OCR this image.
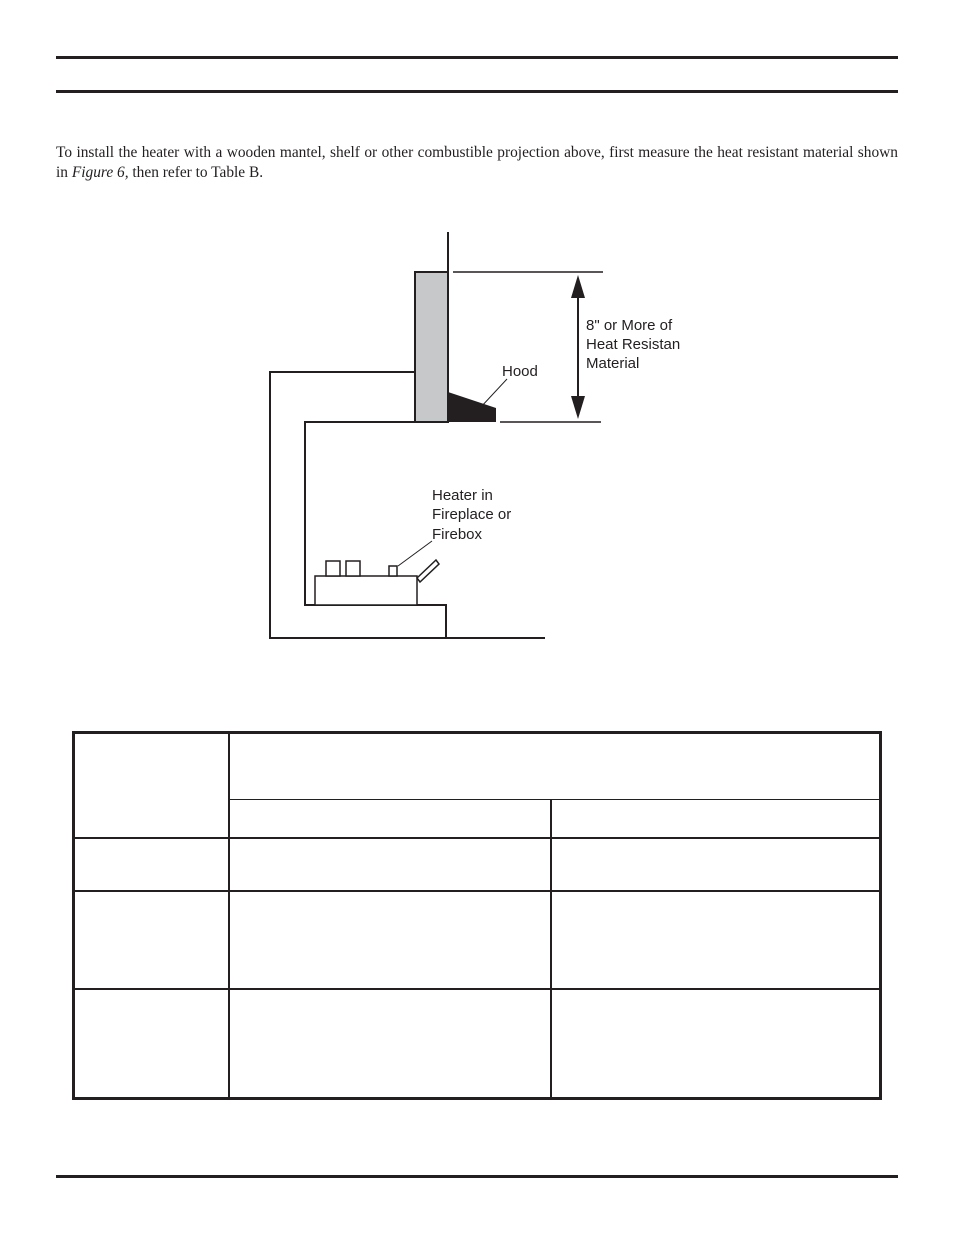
To install the heater with a wooden mantel, shelf or other combustible projection above, first measure the heat resistant material shown in Figure 6, then refer to Table B.

Hood
8" or More of
Heat Resistan
Material
Heater in
Fireplace or
Firebox
